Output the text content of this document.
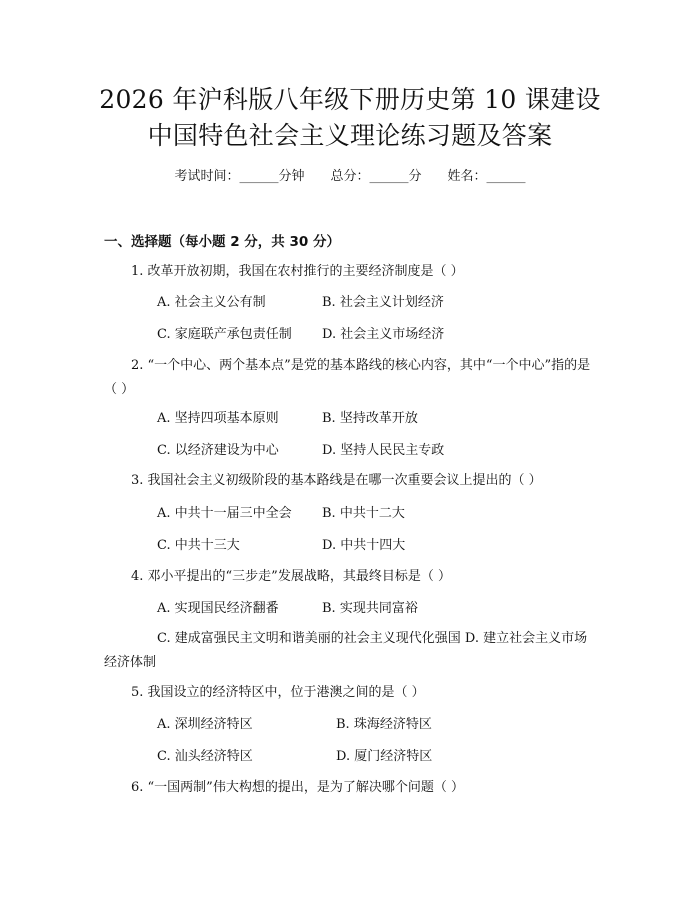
2026 年沪科版八年级下册历史第 10 课建设
中国特色社会主义理论练习题及答案
考试时间：______分钟 总分：______分 姓名：______
一、选择题（每小题 2 分，共 30 分）
1. 改革开放初期，我国在农村推行的主要经济制度是（ ）
A. 社会主义公有制	B. 社会主义计划经济
C. 家庭联产承包责任制 D. 社会主义市场经济
2. “一个中心、两个基本点”是党的基本路线的核心内容，其中“一个中心”指的是（ ）
A. 坚持四项基本原则	B. 坚持改革开放
C. 以经济建设为中心	D. 坚持人民民主专政
3. 我国社会主义初级阶段的基本路线是在哪一次重要会议上提出的（ ）
A. 中共十一届三中全会 B. 中共十二大
C. 中共十三大	D. 中共十四大
4. 邓小平提出的“三步走”发展战略，其最终目标是（ ）
A. 实现国民经济翻番	B. 实现共同富裕
C. 建成富强民主文明和谐美丽的社会主义现代化强国 D. 建立社会主义市场经济体制
5. 我国设立的经济特区中，位于港澳之间的是（ ）
A. 深圳经济特区	B. 珠海经济特区
C. 汕头经济特区	D. 厦门经济特区
6. “一国两制”伟大构想的提出，是为了解决哪个问题（ ）
